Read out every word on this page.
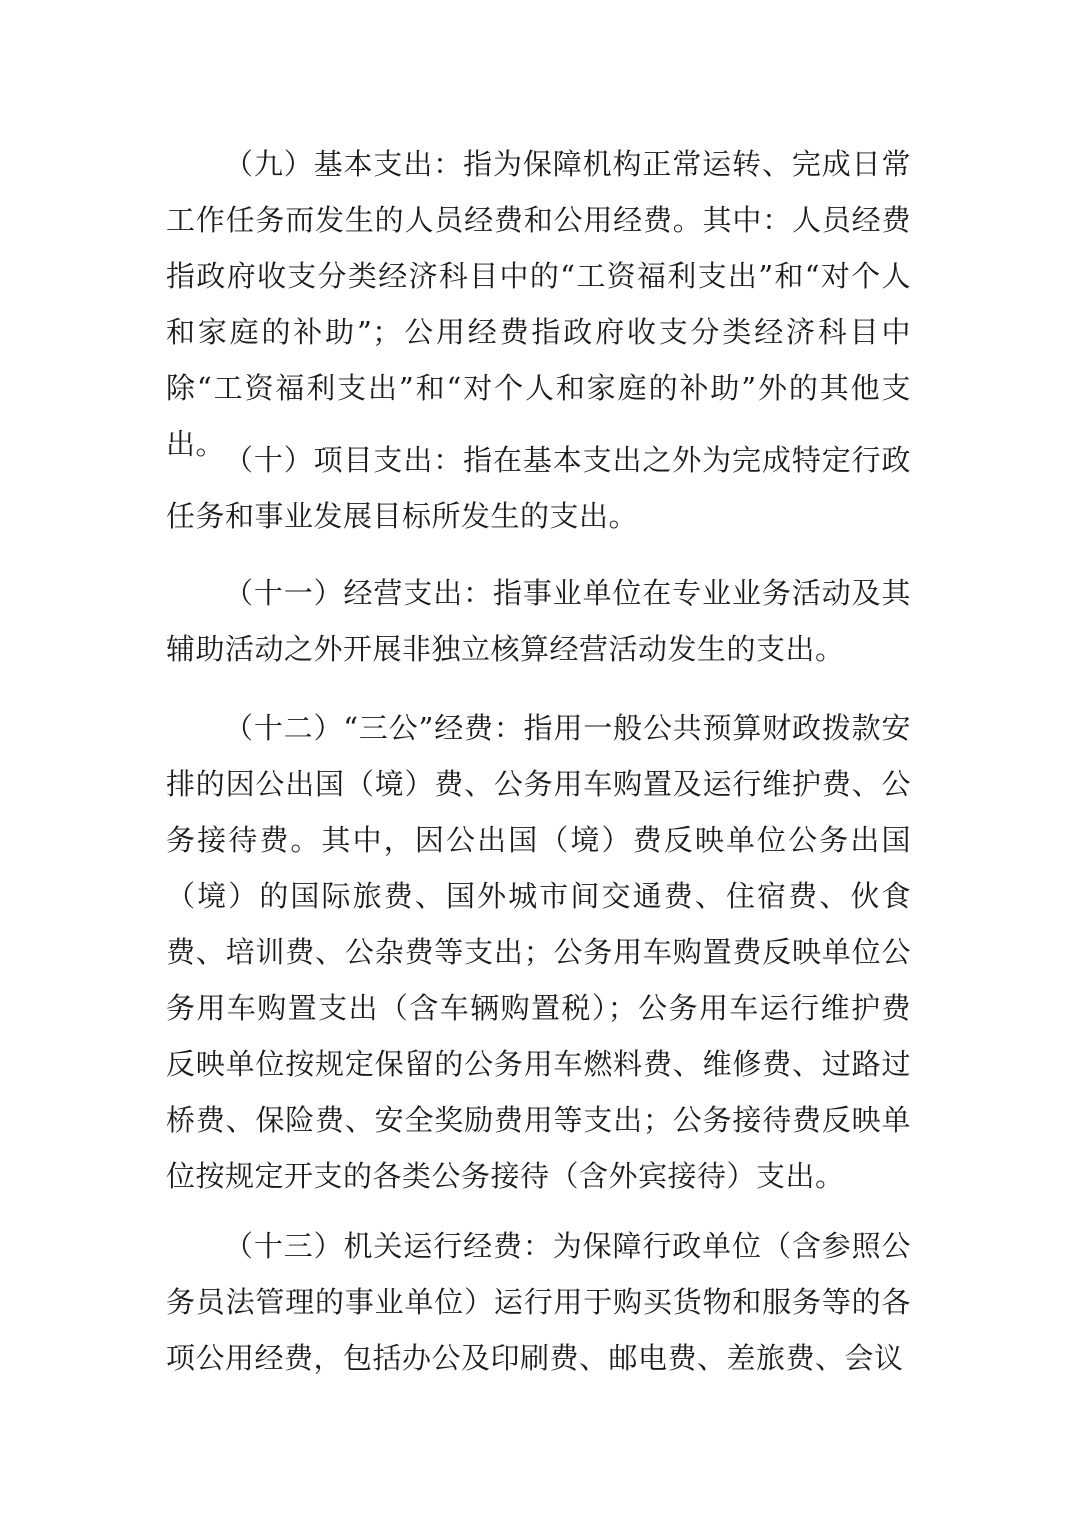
（九）基本支出：指为保障机构正常运转、完成日常工作任务而发生的人员经费和公用经费。其中：人员经费指政府收支分类经济科目中的“工资福利支出”和“对个人和家庭的补助”；公用经费指政府收支分类经济科目中除“工资福利支出”和“对个人和家庭的补助”外的其他支出。

（十）项目支出：指在基本支出之外为完成特定行政任务和事业发展目标所发生的支出。

（十一）经营支出：指事业单位在专业业务活动及其辅助活动之外开展非独立核算经营活动发生的支出。

（十二）“三公”经费：指用一般公共预算财政拨款安排的因公出国（境）费、公务用车购置及运行维护费、公务接待费。其中，因公出国（境）费反映单位公务出国（境）的国际旅费、国外城市间交通费、住宿费、伙食费、培训费、公杂费等支出；公务用车购置费反映单位公务用车购置支出（含车辆购置税）；公务用车运行维护费反映单位按规定保留的公务用车燃料费、维修费、过路过桥费、保险费、安全奖励费用等支出；公务接待费反映单位按规定开支的各类公务接待（含外宾接待）支出。

（十三）机关运行经费：为保障行政单位（含参照公务员法管理的事业单位）运行用于购买货物和服务等的各项公用经费，包括办公及印刷费、邮电费、差旅费、会议
